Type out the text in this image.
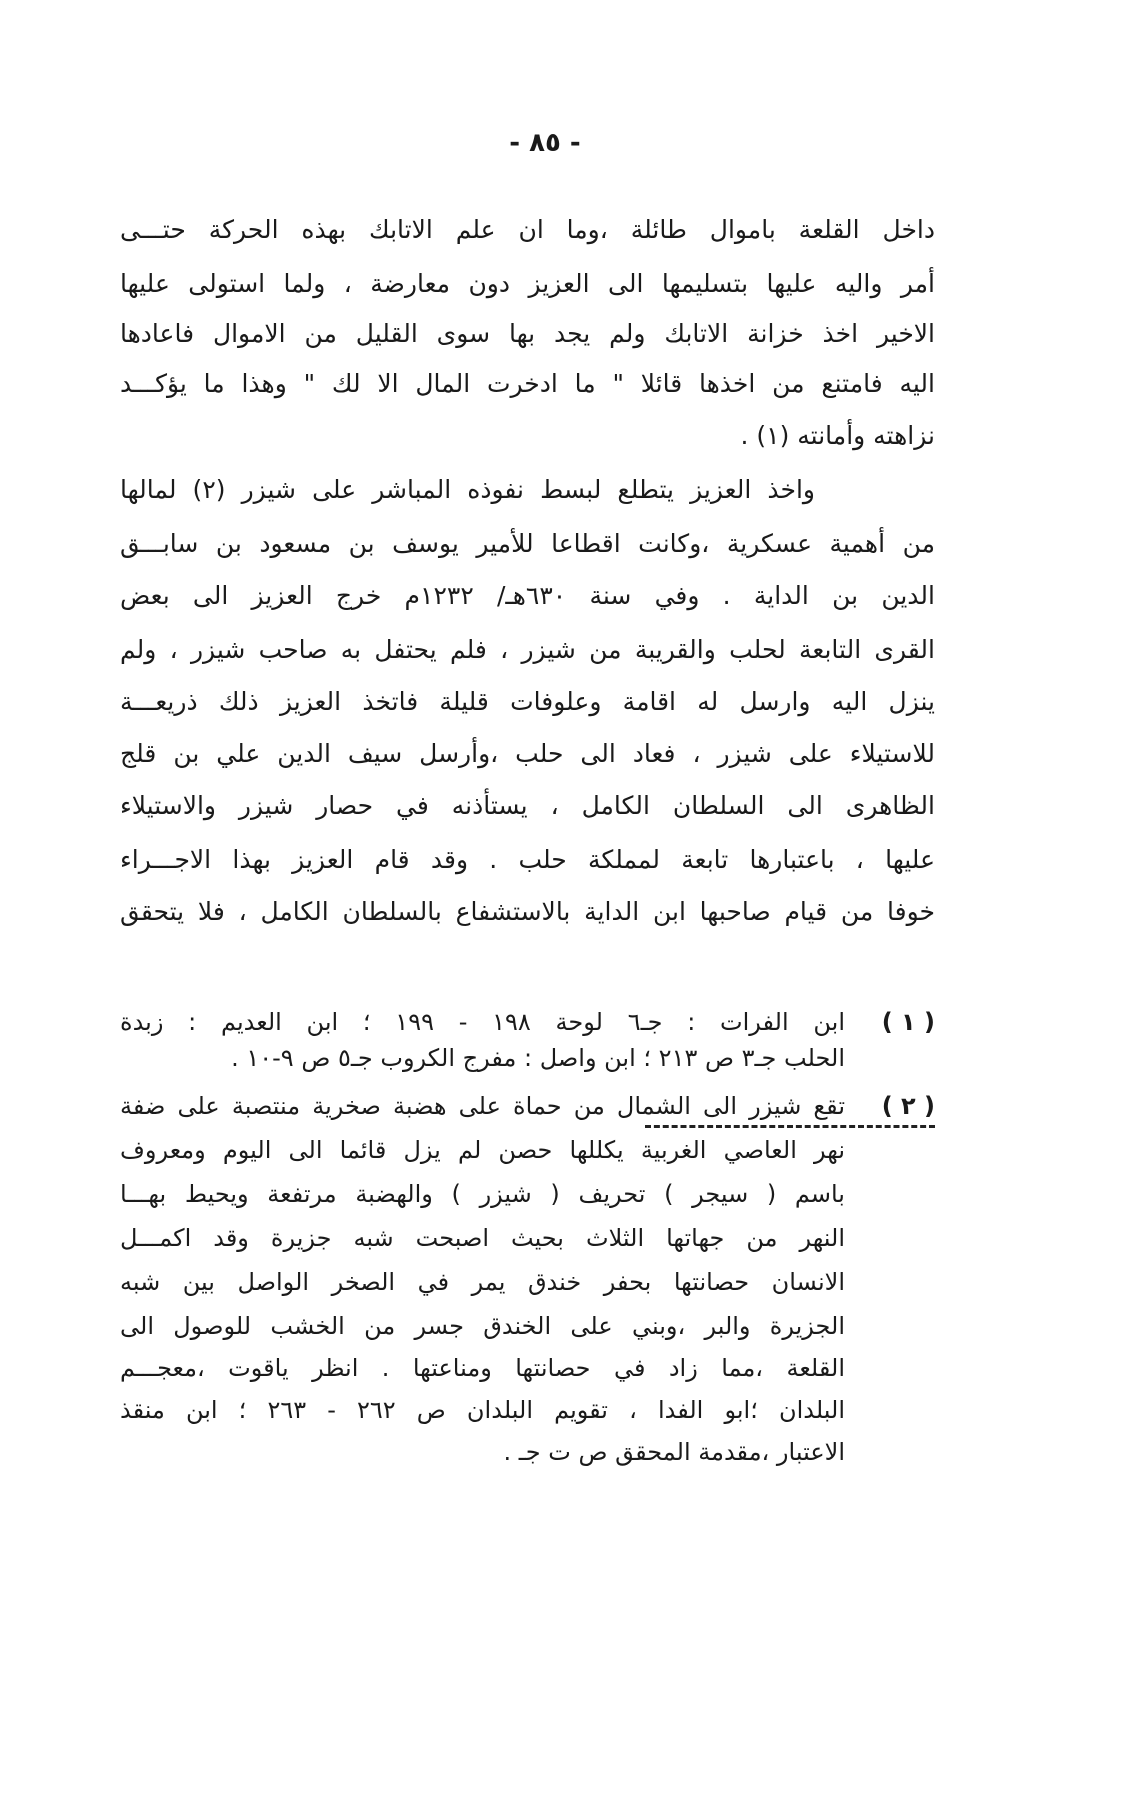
- ٨٥ -
داخل القلعة باموال طائلة ،وما ان علم الاتابك بهذه الحركة حتـــى
أمر واليه عليها بتسليمها الى العزيز دون معارضة ، ولما استولى عليها
الاخير اخذ خزانة الاتابك ولم يجد بها سوى القليل من الاموال فاعادها
اليه فامتنع من اخذها قائلا " ما ادخرت المال الا لك " وهذا ما يؤكـــد
نزاهته وأمانته (١) .
واخذ العزيز يتطلع لبسط نفوذه المباشر على شيزر (٢) لمالها
من أهمية عسكرية ،وكانت اقطاعا للأمير يوسف بن مسعود بن سابـــق
الدين بن الداية . وفي سنة ٦٣٠هـ/ ١٢٣٢م خرج العزيز الى بعض
القرى التابعة لحلب والقريبة من شيزر ، فلم يحتفل به صاحب شيزر ، ولم
ينزل اليه وارسل له اقامة وعلوفات قليلة فاتخذ العزيز ذلك ذريعـــة
للاستيلاء على شيزر ، فعاد الى حلب ،وأرسل سيف الدين علي بن قلج
الظاهرى الى السلطان الكامل ، يستأذنه في حصار شيزر والاستيلاء
عليها ، باعتبارها تابعة لمملكة حلب . وقد قام العزيز بهذا الاجـــراء
خوفا من قيام صاحبها ابن الداية بالاستشفاع بالسلطان الكامل ، فلا يتحقق
( ١ )
ابن الفرات : جـ٦ لوحة ١٩٨ - ١٩٩ ؛ ابن العديم : زبدة
الحلب جـ٣ ص ٢١٣ ؛ ابن واصل : مفرج الكروب جـ٥ ص ٩-١٠ .
( ٢ )
تقع شيزر الى الشمال من حماة على هضبة صخرية منتصبة على ضفة
نهر العاصي الغربية يكللها حصن لم يزل قائما الى اليوم ومعروف
باسم ( سيجر ) تحريف ( شيزر ) والهضبة مرتفعة ويحيط بهـــا
النهر من جهاتها الثلاث بحيث اصبحت شبه جزيرة وقد اكمـــل
الانسان حصانتها بحفر خندق يمر في الصخر الواصل بين شبه
الجزيرة والبر ،وبني على الخندق جسر من الخشب للوصول الى
القلعة ،مما زاد في حصانتها ومناعتها . انظر ياقوت ،معجـــم
البلدان ؛ابو الفدا ، تقويم البلدان ص ٢٦٢ - ٢٦٣ ؛ ابن منقذ
الاعتبار ،مقدمة المحقق ص ت جـ .
